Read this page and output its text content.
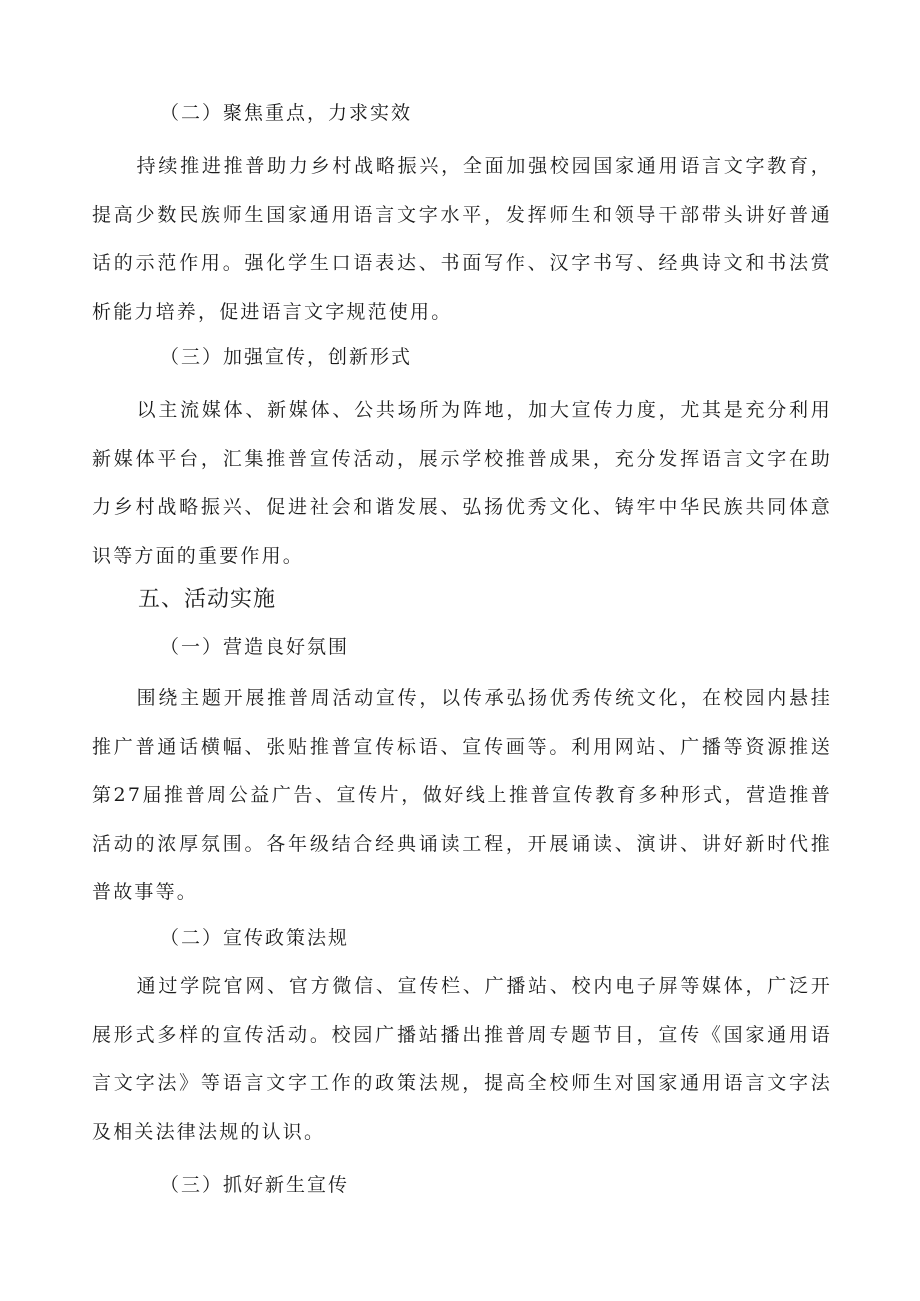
（二）聚焦重点，力求实效
持续推进推普助力乡村战略振兴，全面加强校园国家通用语言文字教育，提高少数民族师生国家通用语言文字水平，发挥师生和领导干部带头讲好普通话的示范作用。强化学生口语表达、书面写作、汉字书写、经典诗文和书法赏析能力培养，促进语言文字规范使用。
（三）加强宣传，创新形式
以主流媒体、新媒体、公共场所为阵地，加大宣传力度，尤其是充分利用新媒体平台，汇集推普宣传活动，展示学校推普成果，充分发挥语言文字在助力乡村战略振兴、促进社会和谐发展、弘扬优秀文化、铸牢中华民族共同体意识等方面的重要作用。
五、活动实施
（一）营造良好氛围
围绕主题开展推普周活动宣传，以传承弘扬优秀传统文化，在校园内悬挂推广普通话横幅、张贴推普宣传标语、宣传画等。利用网站、广播等资源推送第27届推普周公益广告、宣传片，做好线上推普宣传教育多种形式，营造推普活动的浓厚氛围。各年级结合经典诵读工程，开展诵读、演讲、讲好新时代推普故事等。
（二）宣传政策法规
通过学院官网、官方微信、宣传栏、广播站、校内电子屏等媒体，广泛开展形式多样的宣传活动。校园广播站播出推普周专题节目，宣传《国家通用语言文字法》等语言文字工作的政策法规，提高全校师生对国家通用语言文字法及相关法律法规的认识。
（三）抓好新生宣传
